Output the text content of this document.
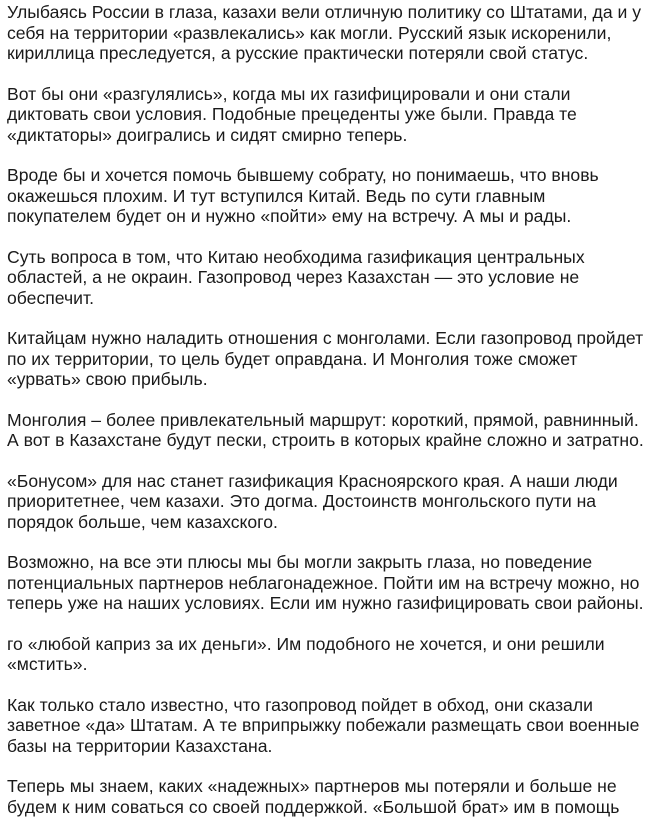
Улыбаясь России в глаза, казахи вели отличную политику со Штатами, да и у
себя на территории «развлекались» как могли. Русский язык искоренили,
кириллица преследуется, а русские практически потеряли свой статус.

Вот бы они «разгулялись», когда мы их газифицировали и они стали
диктовать свои условия. Подобные прецеденты уже были. Правда те
«диктаторы» доигрались и сидят смирно теперь.

Вроде бы и хочется помочь бывшему собрату, но понимаешь, что вновь
окажешься плохим. И тут вступился Китай. Ведь по сути главным
покупателем будет он и нужно «пойти» ему на встречу. А мы и рады.

Суть вопроса в том, что Китаю необходима газификация центральных
областей, а не окраин. Газопровод через Казахстан — это условие не
обеспечит.

Китайцам нужно наладить отношения с монголами. Если газопровод пройдет
по их территории, то цель будет оправдана. И Монголия тоже сможет
«урвать» свою прибыль.

Монголия – более привлекательный маршрут: короткий, прямой, равнинный.
А вот в Казахстане будут пески, строить в которых крайне сложно и затратно.

«Бонусом» для нас станет газификация Красноярского края. А наши люди
приоритетнее, чем казахи. Это догма. Достоинств монгольского пути на
порядок больше, чем казахского.

Возможно, на все эти плюсы мы бы могли закрыть глаза, но поведение
потенциальных партнеров неблагонадежное. Пойти им на встречу можно, но
теперь уже на наших условиях. Если им нужно газифицировать свои районы.

го «любой каприз за их деньги». Им подобного не хочется, и они решили
«мстить».

Как только стало известно, что газопровод пойдет в обход, они сказали
заветное «да» Штатам. А те вприпрыжку побежали размещать свои военные
базы на территории Казахстана.

Теперь мы знаем, каких «надежных» партнеров мы потеряли и больше не
будем к ним соваться со своей поддержкой. «Большой брат» им в помощь
